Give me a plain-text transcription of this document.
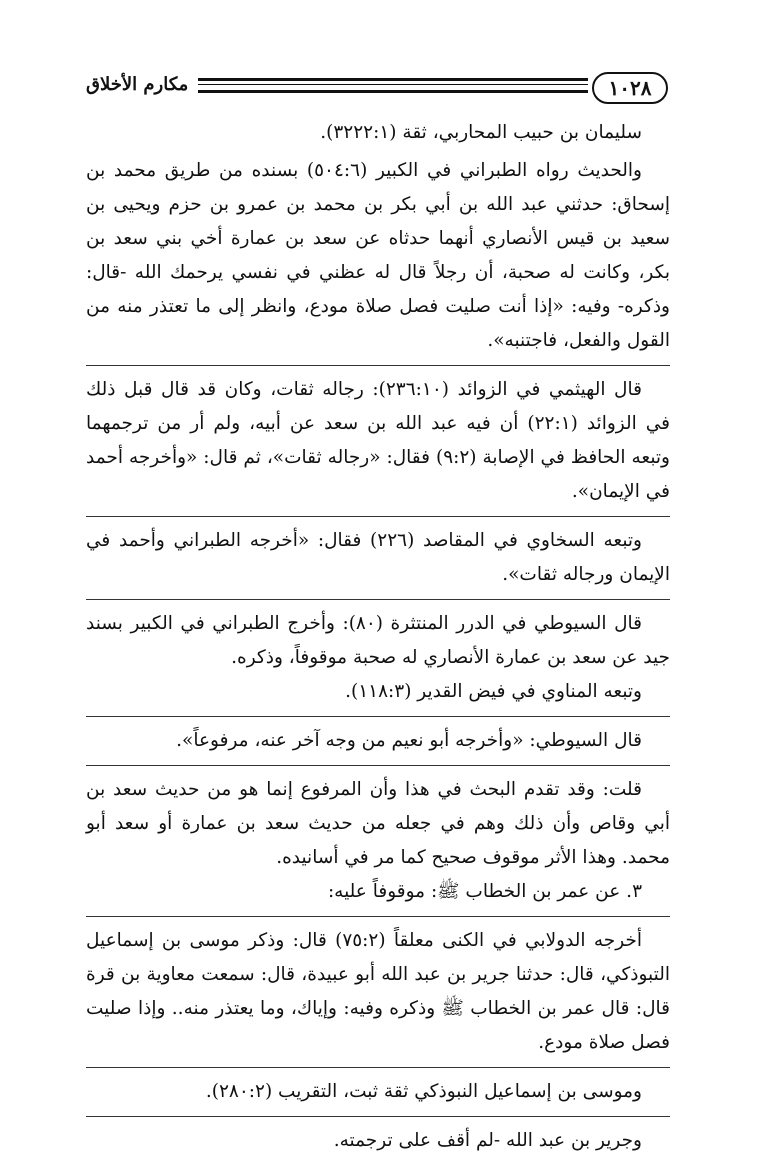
١٠٢٨
مكارم الأخلاق

سليمان بن حبيب المحاربي، ثقة (٣٢٢٢:١).

والحديث رواه الطبراني في الكبير (٥٠٤:٦) بسنده من طريق محمد بن إسحاق: حدثني عبد الله بن أبي بكر بن محمد بن عمرو بن حزم ويحيى بن سعيد بن قيس الأنصاري أنهما حدثاه عن سعد بن عمارة أخي بني سعد بن بكر، وكانت له صحبة، أن رجلاً قال له عظني في نفسي يرحمك الله -قال: وذكره- وفيه: «إذا أنت صليت فصل صلاة مودع، وانظر إلى ما تعتذر منه من القول والفعل، فاجتنبه».

قال الهيثمي في الزوائد (٢٣٦:١٠): رجاله ثقات، وكان قد قال قبل ذلك في الزوائد (٢٢:١) أن فيه عبد الله بن سعد عن أبيه، ولم أر من ترجمهما وتبعه الحافظ في الإصابة (٩:٢) فقال: «رجاله ثقات»، ثم قال: «وأخرجه أحمد في الإيمان».

وتبعه السخاوي في المقاصد (٢٢٦) فقال: «أخرجه الطبراني وأحمد في الإيمان ورجاله ثقات».

قال السيوطي في الدرر المنتثرة (٨٠): وأخرج الطبراني في الكبير بسند جيد عن سعد بن عمارة الأنصاري له صحبة موقوفاً، وذكره.

وتبعه المناوي في فيض القدير (١١٨:٣).

قال السيوطي: «وأخرجه أبو نعيم من وجه آخر عنه، مرفوعاً».

قلت: وقد تقدم البحث في هذا وأن المرفوع إنما هو من حديث سعد بن أبي وقاص وأن ذلك وهم في جعله من حديث سعد بن عمارة أو سعد أبو محمد. وهذا الأثر موقوف صحيح كما مر في أسانيده.

٣. عن عمر بن الخطاب ﷺ: موقوفاً عليه:

أخرجه الدولابي في الكنى معلقاً (٧٥:٢) قال: وذكر موسى بن إسماعيل التبوذكي، قال: حدثنا جرير بن عبد الله أبو عبيدة، قال: سمعت معاوية بن قرة قال: قال عمر بن الخطاب ﷺ وذكره وفيه: وإياك، وما يعتذر منه.. وإذا صليت فصل صلاة مودع.

وموسى بن إسماعيل النبوذكي ثقة ثبت، التقريب (٢٨٠:٢).

وجرير بن عبد الله -لم أقف على ترجمته.
